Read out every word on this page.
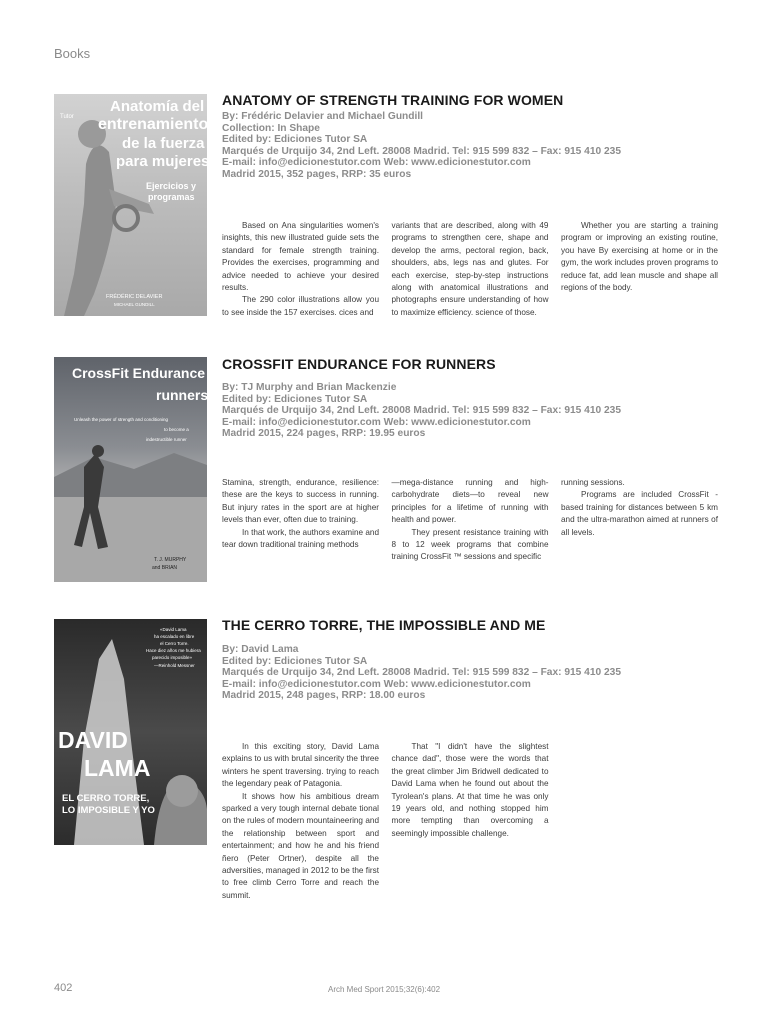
Books
Tutor
Anatomía del
entrenamiento
de la fuerza
para mujeres
Ejercicios y
programas
FRÉDÉRIC DELAVIER
MICHAEL GUNDILL
ANATOMY OF STRENGTH TRAINING FOR WOMEN
By: Frédéric Delavier and Michael Gundill
Collection: In Shape
Edited by: Ediciones Tutor SA
Marqués de Urquijo 34, 2nd Left. 28008 Madrid. Tel: 915 599 832 – Fax: 915 410 235
E-mail: info@edicionestutor.com Web: www.edicionestutor.com
Madrid 2015, 352 pages, RRP: 35 euros

Based on Ana singularities women's insights, this new illustrated guide sets the standard for female strength training. Provides the exercises, programming and advice needed to achieve your desired results.

The 290 color illustrations allow you to see inside the 157 exercises. cices and

variants that are described, along with 49 programs to strengthen cere, shape and develop the arms, pectoral region, back, shoulders, abs, legs nas and glutes. For each exercise, step-by-step instructions along with anatomical illustrations and photographs ensure understanding of how to maximize efficiency. science of those.

Whether you are starting a training program or improving an existing routine, you have By exercising at home or in the gym, the work includes proven programs to reduce fat, add lean muscle and shape all regions of the body.

CrossFit Endurance for
runners
Unleash the power of strength and conditioning
to become a
indestructible runner
T. J. MURPHY
and BRIAN
CROSSFIT ENDURANCE FOR RUNNERS
By: TJ Murphy and Brian Mackenzie
Edited by: Ediciones Tutor SA
Marqués de Urquijo 34, 2nd Left. 28008 Madrid. Tel: 915 599 832 – Fax: 915 410 235
E-mail: info@edicionestutor.com Web: www.edicionestutor.com
Madrid 2015, 224 pages, RRP: 19.95 euros

Stamina, strength, endurance, resilience: these are the keys to success in running. But injury rates in the sport are at higher levels than ever, often due to training.

In that work, the authors examine and tear down traditional training methods

—mega-distance running and high-carbohydrate diets—to reveal new principles for a lifetime of running with health and power.

They present resistance training with 8 to 12 week programs that combine training CrossFit ™ sessions and specific

running sessions.

Programs are included CrossFit - based training for distances between 5 km and the ultra-marathon aimed at runners of all levels.

«David Lama
ha escalado en libre
el Cerro Torre.
Hace diez años me hubiera
parecido imposible»
—Reinhold Messner
DAVID
LAMA
EL CERRO TORRE,
LO IMPOSIBLE Y YO
THE CERRO TORRE, THE IMPOSSIBLE AND ME
By: David Lama
Edited by: Ediciones Tutor SA
Marqués de Urquijo 34, 2nd Left. 28008 Madrid. Tel: 915 599 832 – Fax: 915 410 235
E-mail: info@edicionestutor.com Web: www.edicionestutor.com
Madrid 2015, 248 pages, RRP: 18.00 euros

In this exciting story, David Lama explains to us with brutal sincerity the three winters he spent traversing. trying to reach the legendary peak of Patagonia.

It shows how his ambitious dream sparked a very tough internal debate tional on the rules of modern mountaineering and the relationship between sport and entertainment; and how he and his friend ñero (Peter Ortner), despite all the adversities, managed in 2012 to be the first to free climb Cerro Torre and reach the summit.

That "I didn't have the slightest chance dad", those were the words that the great climber Jim Bridwell dedicated to David Lama when he found out about the Tyrolean's plans. At that time he was only 19 years old, and nothing stopped him more tempting than overcoming a seemingly impossible challenge.

402	Arch Med Sport 2015;32(6):402
